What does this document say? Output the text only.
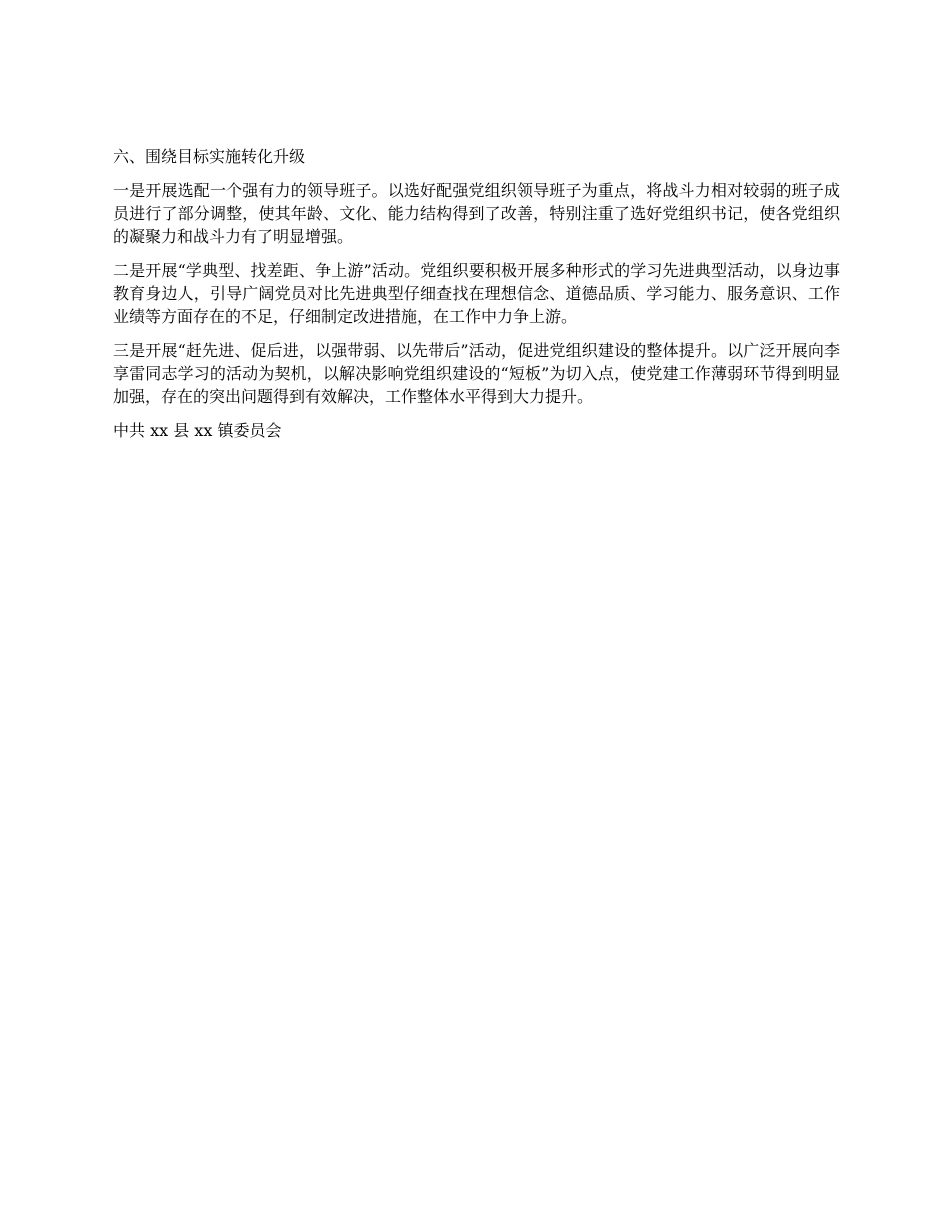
六、围绕目标实施转化升级

一是开展选配一个强有力的领导班子。以选好配强党组织领导班子为重点，将战斗力相对较弱的班子成员进行了部分调整，使其年龄、文化、能力结构得到了改善，特别注重了选好党组织书记，使各党组织的凝聚力和战斗力有了明显增强。

二是开展“学典型、找差距、争上游”活动。党组织要积极开展多种形式的学习先进典型活动，以身边事教育身边人，引导广阔党员对比先进典型仔细查找在理想信念、道德品质、学习能力、服务意识、工作业绩等方面存在的不足，仔细制定改进措施，在工作中力争上游。

三是开展“赶先进、促后进，以强带弱、以先带后”活动，促进党组织建设的整体提升。以广泛开展向李享雷同志学习的活动为契机，以解决影响党组织建设的“短板”为切入点，使党建工作薄弱环节得到明显加强，存在的突出问题得到有效解决，工作整体水平得到大力提升。

中共 xx 县 xx 镇委员会
